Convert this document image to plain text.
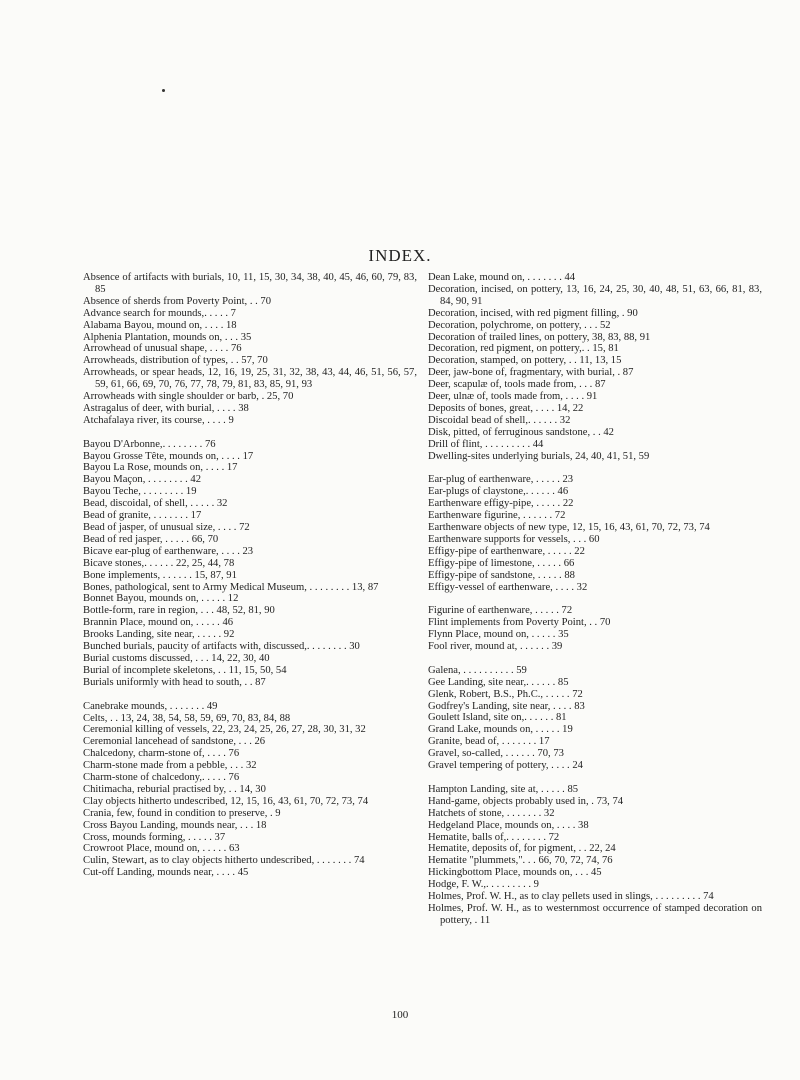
INDEX.
Absence of artifacts with burials, 10, 11, 15, 30, 34, 38, 40, 45, 46, 60, 79, 83, 85
Absence of sherds from Poverty Point, . . 70
Advance search for mounds,. . . . . 7
Alabama Bayou, mound on, . . . . 18
Alphenia Plantation, mounds on, . . . 35
Arrowhead of unusual shape, . . . . 76
Arrowheads, distribution of types, . . 57, 70
Arrowheads, or spear heads, 12, 16, 19, 25, 31, 32, 38, 43, 44, 46, 51, 56, 57, 59, 61, 66, 69, 70, 76, 77, 78, 79, 81, 83, 85, 91, 93
Arrowheads with single shoulder or barb, . 25, 70
Astragalus of deer, with burial, . . . . 38
Atchafalaya river, its course, . . . . 9
Bayou D'Arbonne,. . . . . . . . 76
Bayou Grosse Tête, mounds on, . . . . 17
Bayou La Rose, mounds on, . . . . 17
Bayou Maçon, . . . . . . . . 42
Bayou Teche, . . . . . . . . 19
Bead, discoidal, of shell, . . . . . 32
Bead of granite, . . . . . . . 17
Bead of jasper, of unusual size, . . . . 72
Bead of red jasper, . . . . . 66, 70
Bicave ear-plug of earthenware, . . . . 23
Bicave stones,. . . . . . 22, 25, 44, 78
Bone implements, . . . . . . 15, 87, 91
Bones, pathological, sent to Army Medical Museum, . . . . . . . . 13, 87
Bonnet Bayou, mounds on, . . . . . 12
Bottle-form, rare in region, . . . 48, 52, 81, 90
Brannin Place, mound on, . . . . . 46
Brooks Landing, site near, . . . . . 92
Bunched burials, paucity of artifacts with, discussed,. . . . . . . . 30
Burial customs discussed, . . . 14, 22, 30, 40
Burial of incomplete skeletons, . . 11, 15, 50, 54
Burials uniformly with head to south, . . 87
Canebrake mounds, . . . . . . . 49
Celts, . . 13, 24, 38, 54, 58, 59, 69, 70, 83, 84, 88
Ceremonial killing of vessels, 22, 23, 24, 25, 26, 27, 28, 30, 31, 32
Ceremonial lancehead of sandstone, . . . 26
Chalcedony, charm-stone of, . . . . 76
Charm-stone made from a pebble, . . . 32
Charm-stone of chalcedony,. . . . . 76
Chitimacha, reburial practised by, . . 14, 30
Clay objects hitherto undescribed, 12, 15, 16, 43, 61, 70, 72, 73, 74
Crania, few, found in condition to preserve, . 9
Cross Bayou Landing, mounds near, . . . 18
Cross, mounds forming, . . . . . 37
Crowroot Place, mound on, . . . . . 63
Culin, Stewart, as to clay objects hitherto undescribed, . . . . . . . 74
Cut-off Landing, mounds near, . . . . 45
Dean Lake, mound on, . . . . . . . 44
Decoration, incised, on pottery, 13, 16, 24, 25, 30, 40, 48, 51, 63, 66, 81, 83, 84, 90, 91
Decoration, incised, with red pigment filling, . 90
Decoration, polychrome, on pottery, . . . 52
Decoration of trailed lines, on pottery, 38, 83, 88, 91
Decoration, red pigment, on pottery,. . 15, 81
Decoration, stamped, on pottery, . . 11, 13, 15
Deer, jaw-bone of, fragmentary, with burial, . 87
Deer, scapulæ of, tools made from, . . . 87
Deer, ulnæ of, tools made from, . . . . 91
Deposits of bones, great, . . . . 14, 22
Discoidal bead of shell,. . . . . . 32
Disk, pitted, of ferruginous sandstone, . . 42
Drill of flint, . . . . . . . . . 44
Dwelling-sites underlying burials, 24, 40, 41, 51, 59
Ear-plug of earthenware, . . . . . 23
Ear-plugs of claystone,. . . . . . 46
Earthenware effigy-pipe, . . . . . 22
Earthenware figurine, . . . . . . 72
Earthenware objects of new type, 12, 15, 16, 43, 61, 70, 72, 73, 74
Earthenware supports for vessels, . . . 60
Effigy-pipe of earthenware, . . . . . 22
Effigy-pipe of limestone, . . . . . 66
Effigy-pipe of sandstone, . . . . . 88
Effigy-vessel of earthenware, . . . . 32
Figurine of earthenware, . . . . . 72
Flint implements from Poverty Point, . . 70
Flynn Place, mound on, . . . . . 35
Fool river, mound at, . . . . . . 39
Galena, . . . . . . . . . . 59
Gee Landing, site near,. . . . . . 85
Glenk, Robert, B.S., Ph.C., . . . . . 72
Godfrey's Landing, site near, . . . . 83
Goulett Island, site on,. . . . . . 81
Grand Lake, mounds on, . . . . . 19
Granite, bead of, . . . . . . . 17
Gravel, so-called, . . . . . . 70, 73
Gravel tempering of pottery, . . . . 24
Hampton Landing, site at, . . . . . 85
Hand-game, objects probably used in, . 73, 74
Hatchets of stone, . . . . . . . 32
Hedgeland Place, mounds on, . . . . 38
Hematite, balls of,. . . . . . . . 72
Hematite, deposits of, for pigment, . . 22, 24
Hematite "plummets,". . . 66, 70, 72, 74, 76
Hickingbottom Place, mounds on, . . . 45
Hodge, F. W.,. . . . . . . . . 9
Holmes, Prof. W. H., as to clay pellets used in slings, . . . . . . . . . 74
Holmes, Prof. W. H., as to westernmost occurrence of stamped decoration on pottery, . 11
100
